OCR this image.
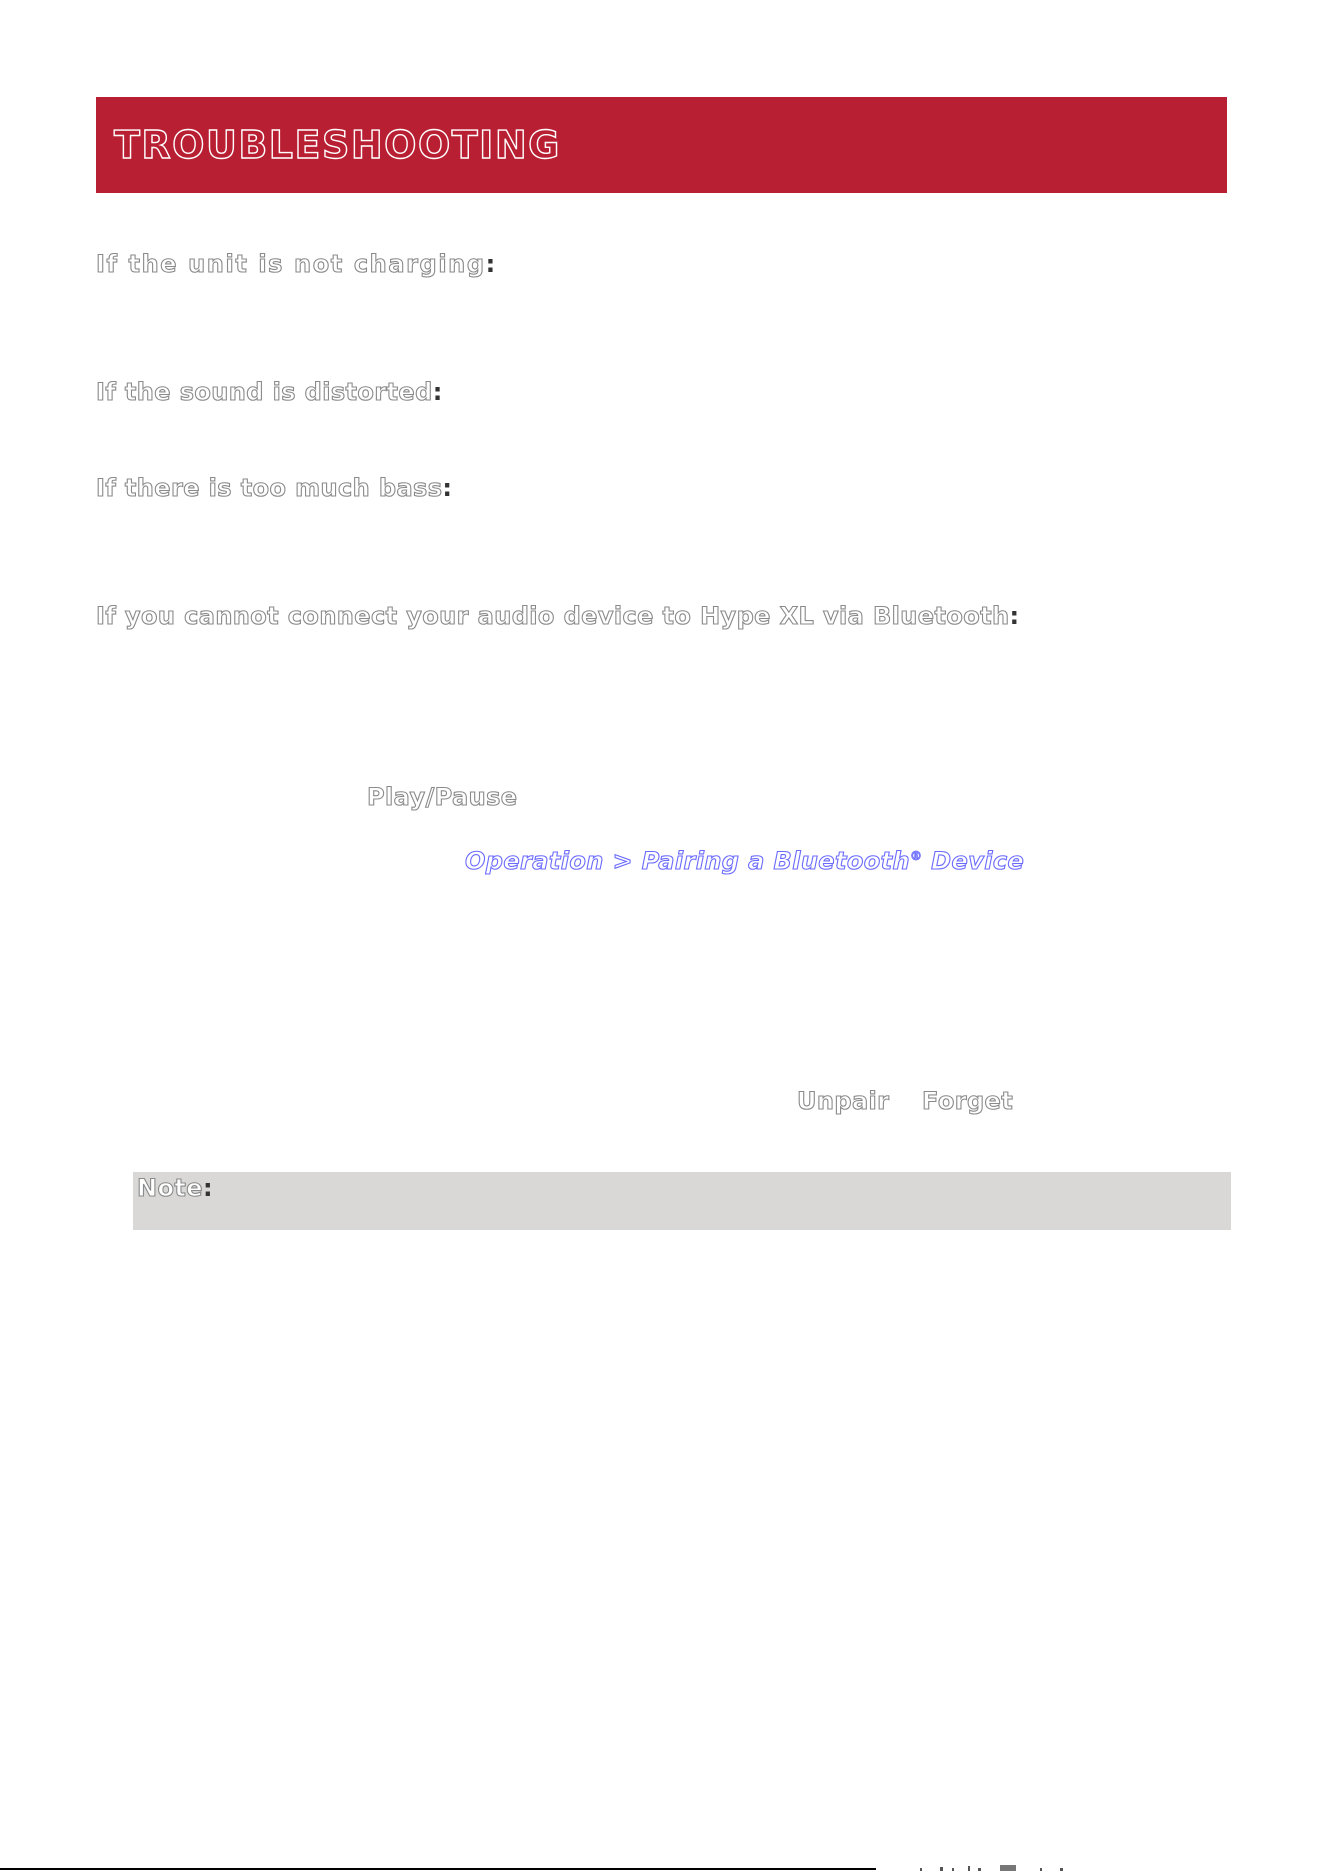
TROUBLESHOOTING
If the unit is not charging:
If the sound is distorted:
If there is too much bass:
If you cannot connect your audio device to Hype XL via Bluetooth:
Play/Pause
Operation > Pairing a Bluetooth® Device
Unpair Forget
Note:
